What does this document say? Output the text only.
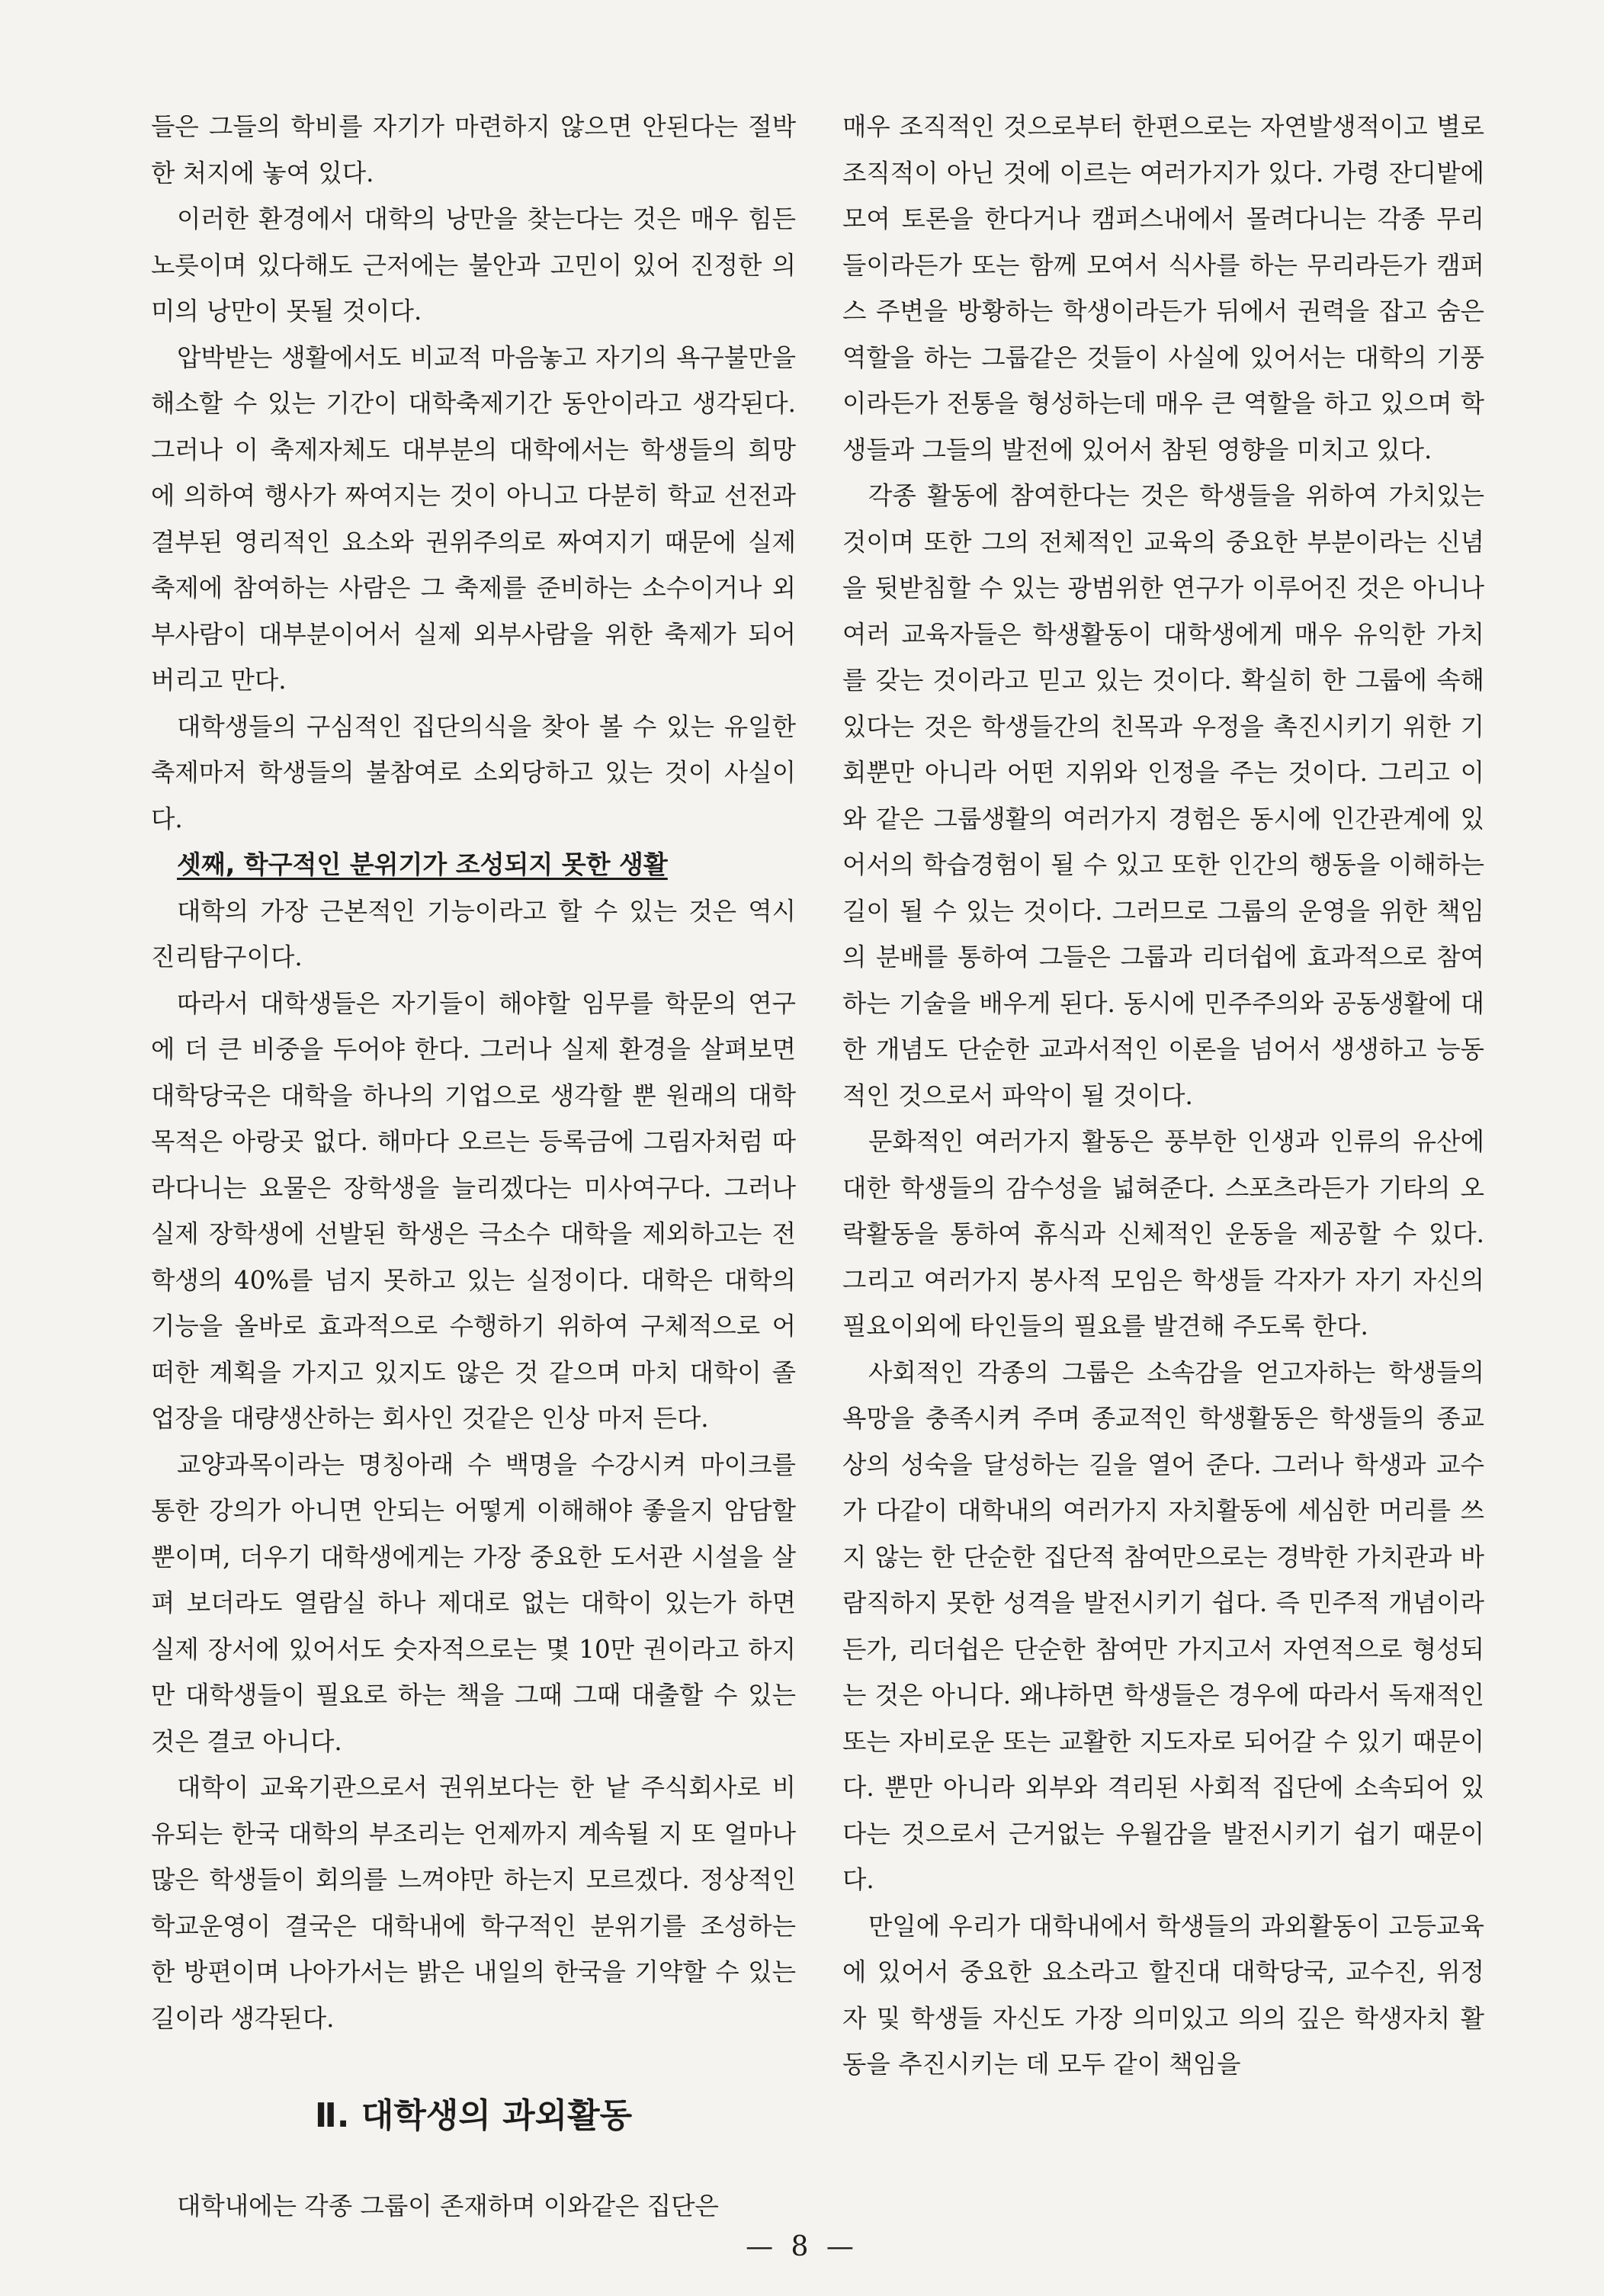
들은 그들의 학비를 자기가 마련하지 않으면 안된다는 절박한 처지에 놓여 있다.

이러한 환경에서 대학의 낭만을 찾는다는 것은 매우 힘든 노릇이며 있다해도 근저에는 불안과 고민이 있어 진정한 의미의 낭만이 못될 것이다.

압박받는 생활에서도 비교적 마음놓고 자기의 욕구불만을 해소할 수 있는 기간이 대학축제기간 동안이라고 생각된다. 그러나 이 축제자체도 대부분의 대학에서는 학생들의 희망에 의하여 행사가 짜여지는 것이 아니고 다분히 학교 선전과 결부된 영리적인 요소와 권위주의로 짜여지기 때문에 실제 축제에 참여하는 사람은 그 축제를 준비하는 소수이거나 외부사람이 대부분이어서 실제 외부사람을 위한 축제가 되어버리고 만다.

대학생들의 구심적인 집단의식을 찾아 볼 수 있는 유일한 축제마저 학생들의 불참여로 소외당하고 있는 것이 사실이다.

셋째, 학구적인 분위기가 조성되지 못한 생활

대학의 가장 근본적인 기능이라고 할 수 있는 것은 역시 진리탐구이다.

따라서 대학생들은 자기들이 해야할 임무를 학문의 연구에 더 큰 비중을 두어야 한다. 그러나 실제 환경을 살펴보면 대학당국은 대학을 하나의 기업으로 생각할 뿐 원래의 대학목적은 아랑곳 없다. 해마다 오르는 등록금에 그림자처럼 따라다니는 요물은 장학생을 늘리겠다는 미사여구다. 그러나 실제 장학생에 선발된 학생은 극소수 대학을 제외하고는 전학생의 40%를 넘지 못하고 있는 실정이다. 대학은 대학의 기능을 올바로 효과적으로 수행하기 위하여 구체적으로 어떠한 계획을 가지고 있지도 않은 것 같으며 마치 대학이 졸업장을 대량생산하는 회사인 것같은 인상 마저 든다.

교양과목이라는 명칭아래 수 백명을 수강시켜 마이크를 통한 강의가 아니면 안되는 어떻게 이해해야 좋을지 암담할 뿐이며, 더우기 대학생에게는 가장 중요한 도서관 시설을 살펴 보더라도 열람실 하나 제대로 없는 대학이 있는가 하면 실제 장서에 있어서도 숫자적으로는 몇 10만 권이라고 하지만 대학생들이 필요로 하는 책을 그때 그때 대출할 수 있는 것은 결코 아니다.

대학이 교육기관으로서 권위보다는 한 낱 주식회사로 비유되는 한국 대학의 부조리는 언제까지 계속될 지 또 얼마나 많은 학생들이 회의를 느껴야만 하는지 모르겠다. 정상적인 학교운영이 결국은 대학내에 학구적인 분위기를 조성하는 한 방편이며 나아가서는 밝은 내일의 한국을 기약할 수 있는 길이라 생각된다.

Ⅱ. 대학생의 과외활동

대학내에는 각종 그룹이 존재하며 이와같은 집단은

매우 조직적인 것으로부터 한편으로는 자연발생적이고 별로 조직적이 아닌 것에 이르는 여러가지가 있다. 가령 잔디밭에 모여 토론을 한다거나 캠퍼스내에서 몰려다니는 각종 무리들이라든가 또는 함께 모여서 식사를 하는 무리라든가 캠퍼스 주변을 방황하는 학생이라든가 뒤에서 권력을 잡고 숨은 역할을 하는 그룹같은 것들이 사실에 있어서는 대학의 기풍이라든가 전통을 형성하는데 매우 큰 역할을 하고 있으며 학생들과 그들의 발전에 있어서 참된 영향을 미치고 있다.

각종 활동에 참여한다는 것은 학생들을 위하여 가치있는 것이며 또한 그의 전체적인 교육의 중요한 부분이라는 신념을 뒷받침할 수 있는 광범위한 연구가 이루어진 것은 아니나 여러 교육자들은 학생활동이 대학생에게 매우 유익한 가치를 갖는 것이라고 믿고 있는 것이다. 확실히 한 그룹에 속해 있다는 것은 학생들간의 친목과 우정을 촉진시키기 위한 기회뿐만 아니라 어떤 지위와 인정을 주는 것이다. 그리고 이와 같은 그룹생활의 여러가지 경험은 동시에 인간관계에 있어서의 학습경험이 될 수 있고 또한 인간의 행동을 이해하는 길이 될 수 있는 것이다. 그러므로 그룹의 운영을 위한 책임의 분배를 통하여 그들은 그룹과 리더쉽에 효과적으로 참여하는 기술을 배우게 된다. 동시에 민주주의와 공동생활에 대한 개념도 단순한 교과서적인 이론을 넘어서 생생하고 능동적인 것으로서 파악이 될 것이다.

문화적인 여러가지 활동은 풍부한 인생과 인류의 유산에 대한 학생들의 감수성을 넓혀준다. 스포츠라든가 기타의 오락활동을 통하여 휴식과 신체적인 운동을 제공할 수 있다. 그리고 여러가지 봉사적 모임은 학생들 각자가 자기 자신의 필요이외에 타인들의 필요를 발견해 주도록 한다.

사회적인 각종의 그룹은 소속감을 얻고자하는 학생들의 욕망을 충족시켜 주며 종교적인 학생활동은 학생들의 종교상의 성숙을 달성하는 길을 열어 준다. 그러나 학생과 교수가 다같이 대학내의 여러가지 자치활동에 세심한 머리를 쓰지 않는 한 단순한 집단적 참여만으로는 경박한 가치관과 바람직하지 못한 성격을 발전시키기 쉽다. 즉 민주적 개념이라든가, 리더쉽은 단순한 참여만 가지고서 자연적으로 형성되는 것은 아니다. 왜냐하면 학생들은 경우에 따라서 독재적인 또는 자비로운 또는 교활한 지도자로 되어갈 수 있기 때문이다. 뿐만 아니라 외부와 격리된 사회적 집단에 소속되어 있다는 것으로서 근거없는 우월감을 발전시키기 쉽기 때문이다.

만일에 우리가 대학내에서 학생들의 과외활동이 고등교육에 있어서 중요한 요소라고 할진대 대학당국, 교수진, 위정자 및 학생들 자신도 가장 의미있고 의의 깊은 학생자치 활동을 추진시키는 데 모두 같이 책임을

— 8 —
